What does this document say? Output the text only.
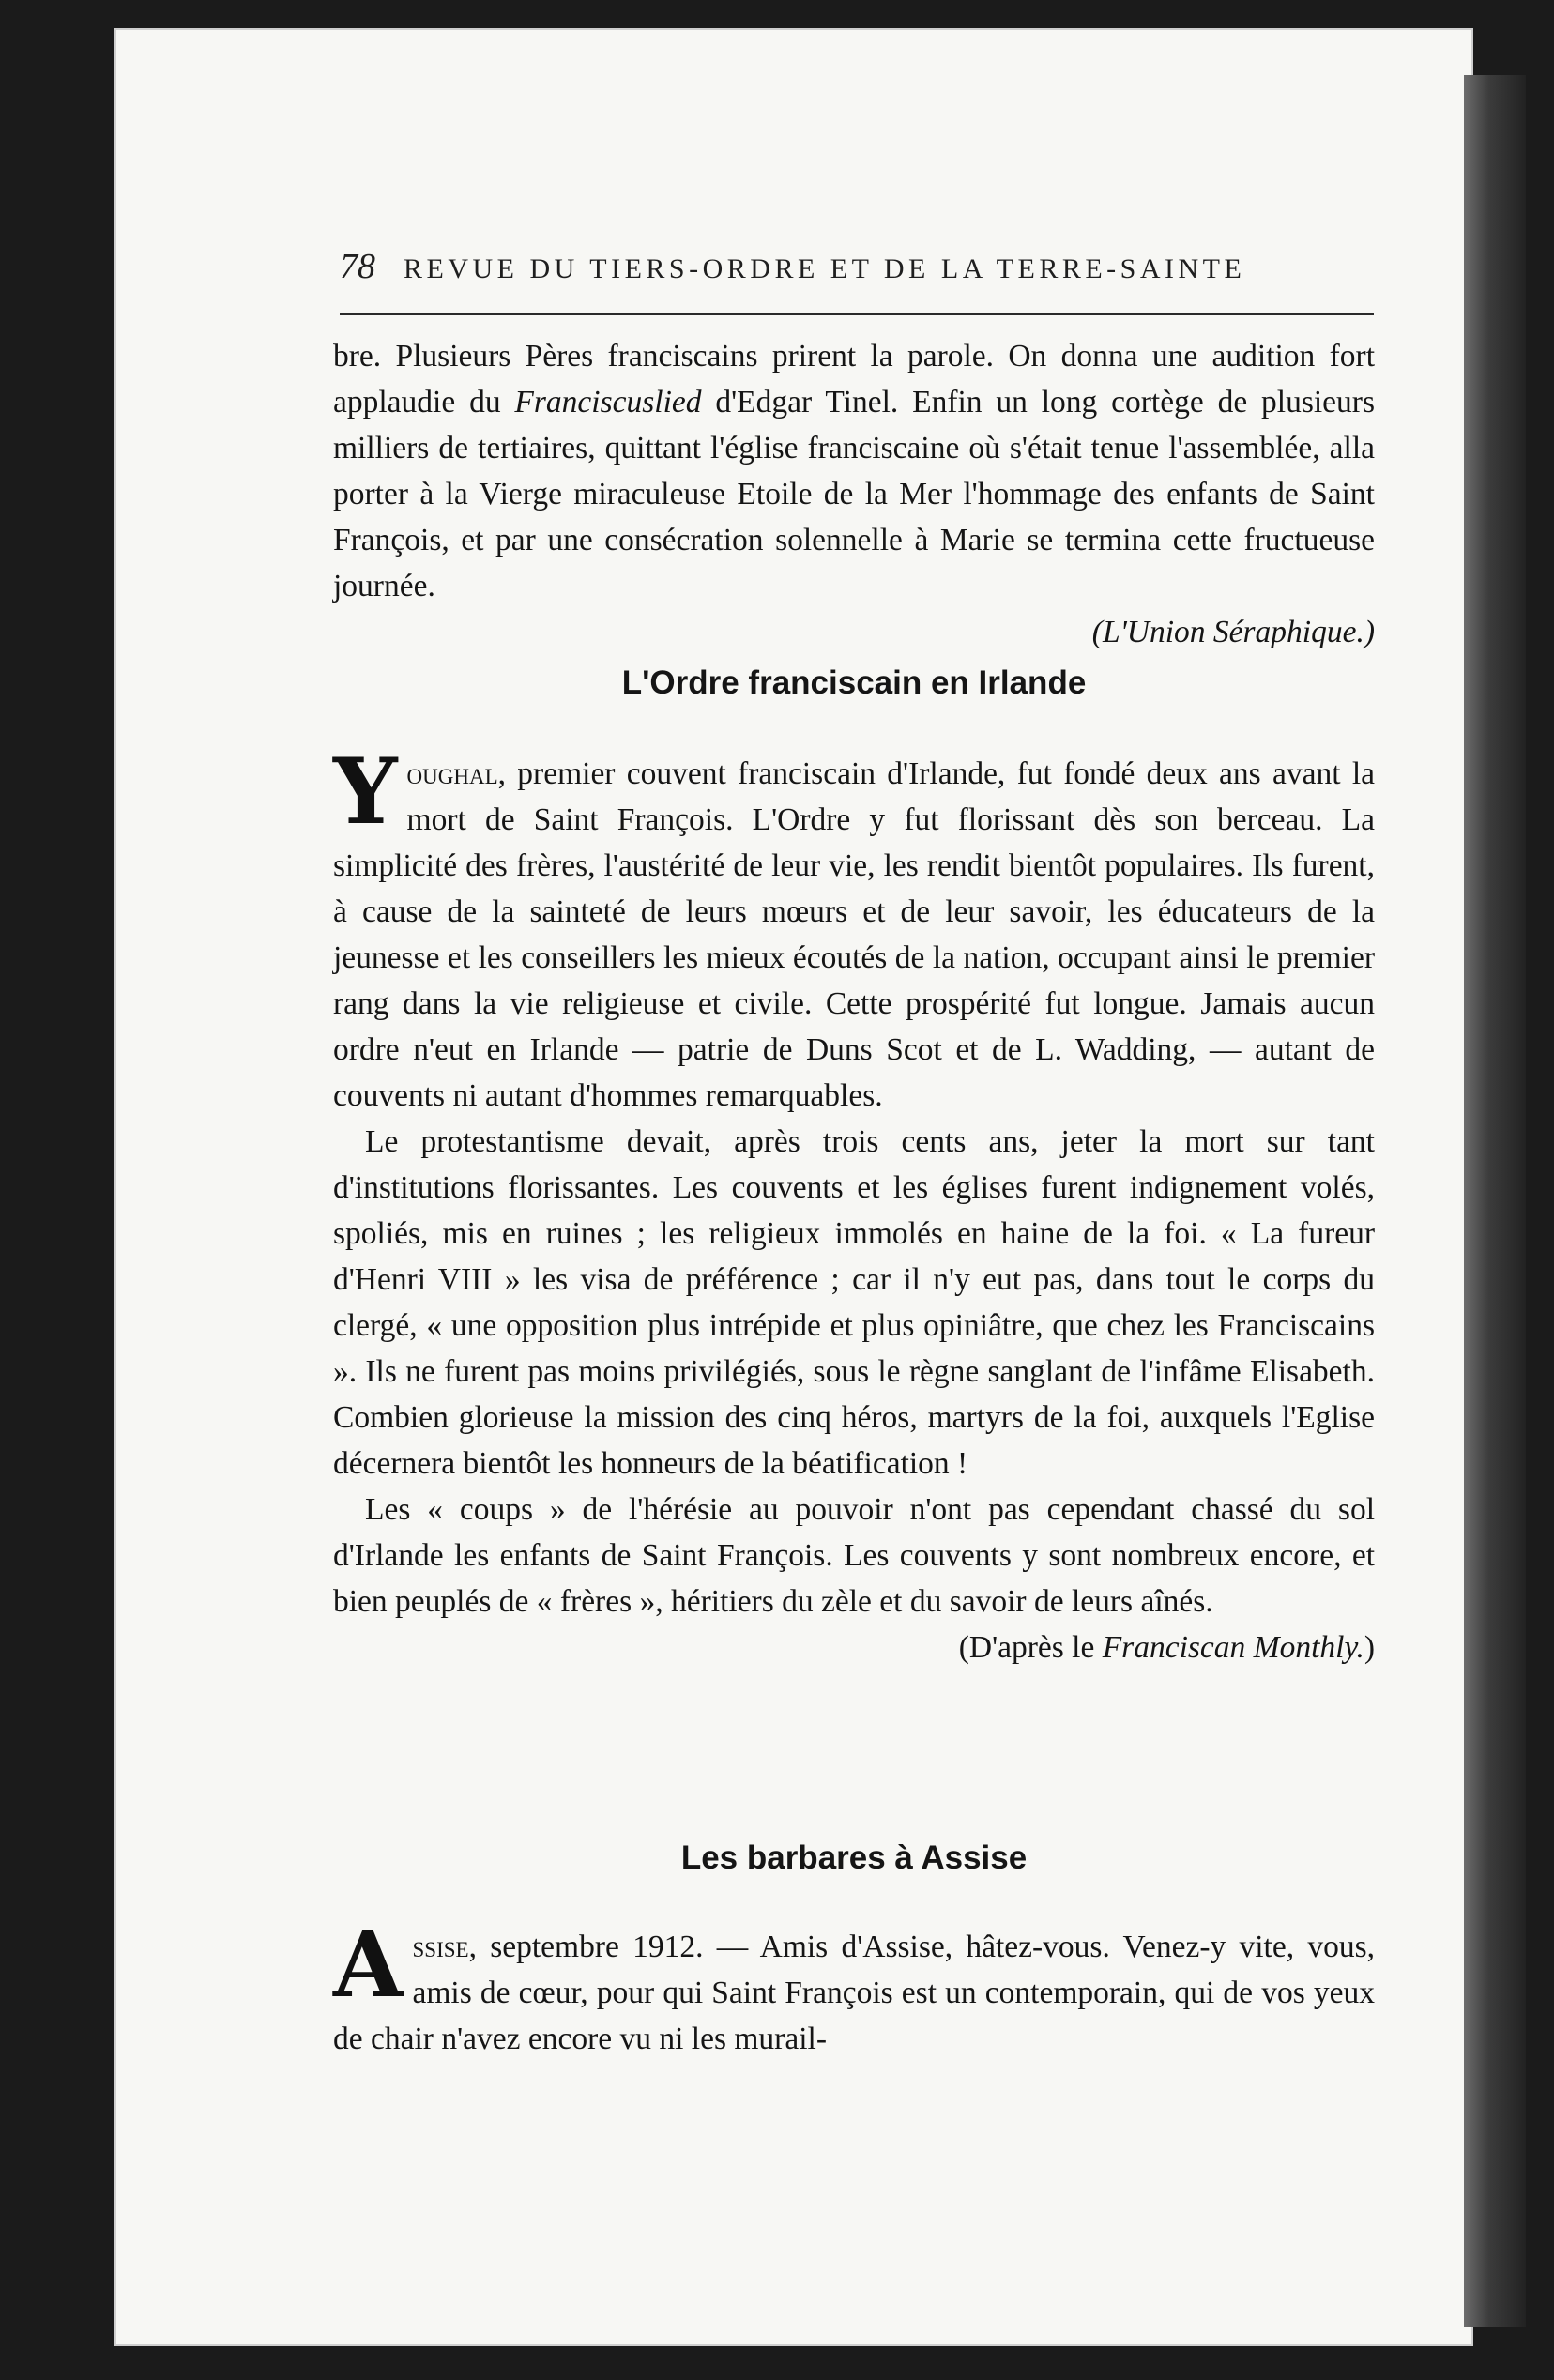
78 REVUE DU TIERS-ORDRE ET DE LA TERRE-SAINTE

bre. Plusieurs Pères franciscains prirent la parole. On donna une audition fort applaudie du Franciscuslied d'Edgar Tinel. Enfin un long cortège de plusieurs milliers de tertiaires, quittant l'église franciscaine où s'était tenue l'assemblée, alla porter à la Vierge miraculeuse Etoile de la Mer l'hommage des enfants de Saint François, et par une consécration solennelle à Marie se termina cette fructueuse journée.

(L'Union Séraphique.)

L'Ordre franciscain en Irlande

Youghal, premier couvent franciscain d'Irlande, fut fondé deux ans avant la mort de Saint François. L'Ordre y fut florissant dès son berceau. La simplicité des frères, l'austérité de leur vie, les rendit bientôt populaires. Ils furent, à cause de la sainteté de leurs mœurs et de leur savoir, les éducateurs de la jeunesse et les conseillers les mieux écoutés de la nation, occupant ainsi le premier rang dans la vie religieuse et civile. Cette prospérité fut longue. Jamais aucun ordre n'eut en Irlande — patrie de Duns Scot et de L. Wadding, — autant de couvents ni autant d'hommes remarquables.

Le protestantisme devait, après trois cents ans, jeter la mort sur tant d'institutions florissantes. Les couvents et les églises furent indignement volés, spoliés, mis en ruines ; les religieux immolés en haine de la foi. « La fureur d'Henri VIII » les visa de préférence ; car il n'y eut pas, dans tout le corps du clergé, « une opposition plus intrépide et plus opiniâtre, que chez les Franciscains ». Ils ne furent pas moins privilégiés, sous le règne sanglant de l'infâme Elisabeth. Combien glorieuse la mission des cinq héros, martyrs de la foi, auxquels l'Eglise décernera bientôt les honneurs de la béatification !

Les « coups » de l'hérésie au pouvoir n'ont pas cependant chassé du sol d'Irlande les enfants de Saint François. Les couvents y sont nombreux encore, et bien peuplés de « frères », héritiers du zèle et du savoir de leurs aînés.
(D'après le Franciscan Monthly.)

Les barbares à Assise

Assise, septembre 1912. — Amis d'Assise, hâtez-vous. Venez-y vite, vous, amis de cœur, pour qui Saint François est un contemporain, qui de vos yeux de chair n'avez encore vu ni les murail-
